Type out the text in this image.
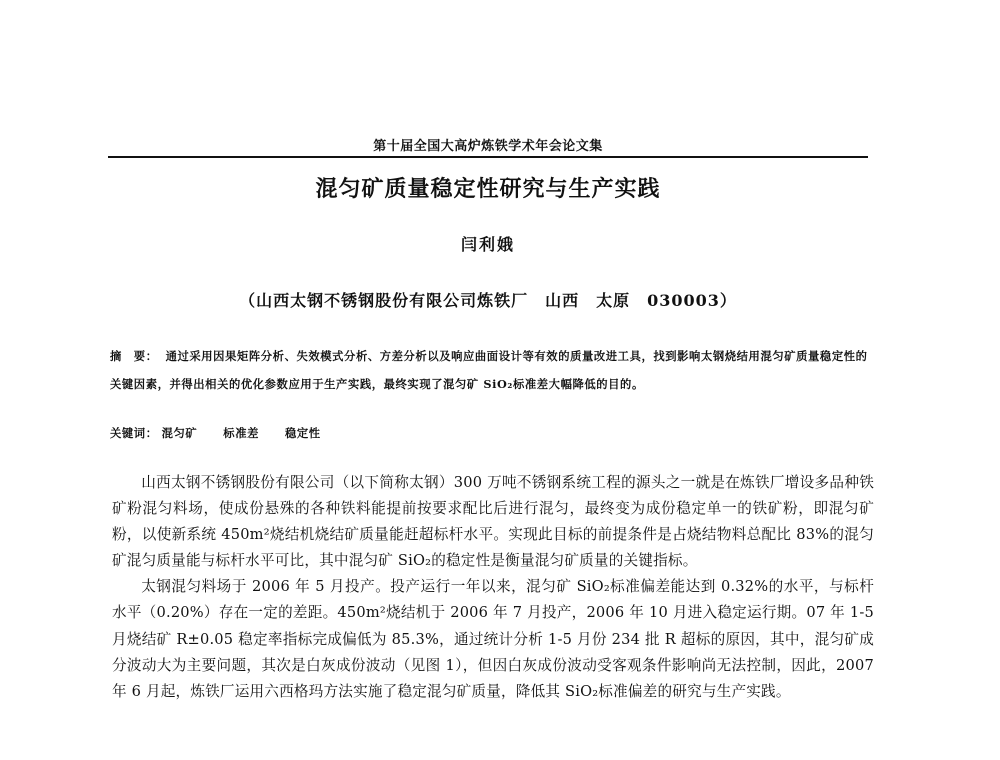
第十届全国大高炉炼铁学术年会论文集
混匀矿质量稳定性研究与生产实践
闫利娥
（山西太钢不锈钢股份有限公司炼铁厂　山西　太原　030003）
摘　要： 通过采用因果矩阵分析、失效模式分析、方差分析以及响应曲面设计等有效的质量改进工具，找到影响太钢烧结用混匀矿质量稳定性的关键因素，并得出相关的优化参数应用于生产实践，最终实现了混匀矿 SiO₂标准差大幅降低的目的。
关键词： 混匀矿 标准差 稳定性

山西太钢不锈钢股份有限公司（以下简称太钢）300 万吨不锈钢系统工程的源头之一就是在炼铁厂增设多品种铁矿粉混匀料场，使成份悬殊的各种铁料能提前按要求配比后进行混匀，最终变为成份稳定单一的铁矿粉，即混匀矿粉，以使新系统 450m²烧结机烧结矿质量能赶超标杆水平。实现此目标的前提条件是占烧结物料总配比 83%的混匀矿混匀质量能与标杆水平可比，其中混匀矿 SiO₂的稳定性是衡量混匀矿质量的关键指标。

太钢混匀料场于 2006 年 5 月投产。投产运行一年以来，混匀矿 SiO₂标准偏差能达到 0.32%的水平，与标杆水平（0.20%）存在一定的差距。450m²烧结机于 2006 年 7 月投产，2006 年 10 月进入稳定运行期。07 年 1-5 月烧结矿 R±0.05 稳定率指标完成偏低为 85.3%，通过统计分析 1-5 月份 234 批 R 超标的原因，其中，混匀矿成分波动大为主要问题，其次是白灰成份波动（见图 1），但因白灰成份波动受客观条件影响尚无法控制，因此，2007 年 6 月起，炼铁厂运用六西格玛方法实施了稳定混匀矿质量，降低其 SiO₂标准偏差的研究与生产实践。
